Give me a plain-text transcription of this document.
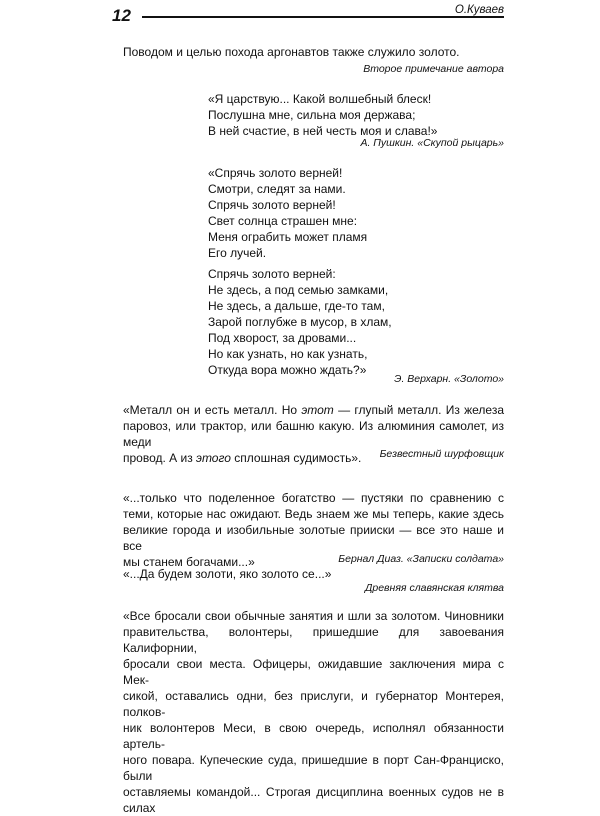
12	О.Куваев

Поводом и целью похода аргонавтов также служило золото.

Второе примечание автора

«Я царствую... Какой волшебный блеск!
Послушна мне, сильна моя держава;
В ней счастие, в ней честь моя и слава!»

А. Пушкин. «Скупой рыцарь»

«Спрячь золото верней!
Смотри, следят за нами.
Спрячь золото верней!
Свет солнца страшен мне:
Меня ограбить может пламя
Его лучей.
Спрячь золото верней:
Не здесь, а под семью замками,
Не здесь, а дальше, где-то там,
Зарой поглубже в мусор, в хлам,
Под хворост, за дровами...
Но как узнать, но как узнать,
Откуда вора можно ждать?»

Э. Верхарн. «Золото»

«Металл он и есть металл. Но этот — глупый металл. Из железа
паровоз, или трактор, или башню какую. Из алюминия самолет, из меди
провод. А из этого сплошная судимость».	Безвестный шурфовщик

«...только что поделенное богатство — пустяки по сравнению с
теми, которые нас ожидают. Ведь знаем же мы теперь, какие здесь
великие города и изобильные золотые прииски — все это наше и все
мы станем богачами...»	Бернал Диаз. «Записки солдата»

«...Да будем золоти, яко золото се...»

Древняя славянская клятва

«Все бросали свои обычные занятия и шли за золотом. Чиновники
правительства, волонтеры, пришедшие для завоевания Калифорнии,
бросали свои места. Офицеры, ожидавшие заключения мира с Мек-
сикой, оставались одни, без прислуги, и губернатор Монтерея, полков-
ник волонтеров Меси, в свою очередь, исполнял обязанности артель-
ного повара. Купеческие суда, пришедшие в порт Сан-Франциско, были
оставляемы командой... Строгая дисциплина военных судов не в силах
